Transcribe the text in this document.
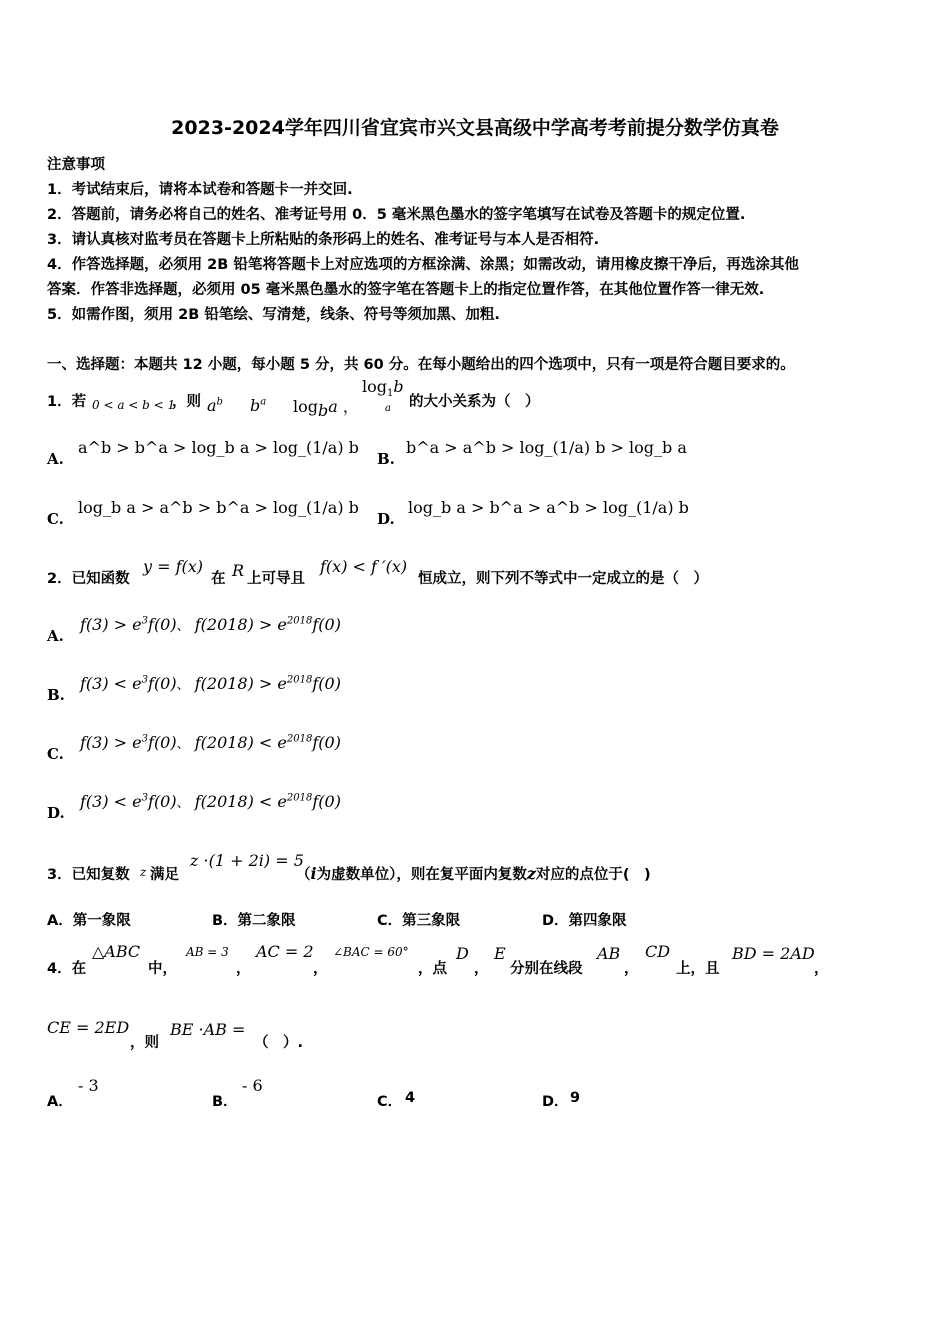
2023-2024学年四川省宜宾市兴文县高级中学高考考前提分数学仿真卷
注意事项
1．考试结束后，请将本试卷和答题卡一并交回.
2．答题前，请务必将自己的姓名、准考证号用 0．5 毫米黑色墨水的签字笔填写在试卷及答题卡的规定位置.
3．请认真核对监考员在答题卡上所粘贴的条形码上的姓名、准考证号与本人是否相符.
4．作答选择题，必须用 2B 铅笔将答题卡上对应选项的方框涂满、涂黑；如需改动，请用橡皮擦干净后，再选涂其他
答案．作答非选择题，必须用 05 毫米黑色墨水的签字笔在答题卡上的指定位置作答，在其他位置作答一律无效.
5．如需作图，须用 2B 铅笔绘、写清楚，线条、符号等须加黑、加粗.
一、选择题：本题共 12 小题，每小题 5 分，共 60 分。在每小题给出的四个选项中，只有一项是符合题目要求的。
1．若 0 < a < b < 1
，则 $a^b$ $b^a$ $\log_ba$ ，
$\log_1b$
a 的大小关系为（　）
A.
a^b > b^a > log_b a > log_(1/a) b
B.
b^a > a^b > log_(1/a) b > log_b a
C.
log_b a > a^b > b^a > log_(1/a) b
D.
log_b a > b^a > a^b > log_(1/a) b
2．已知函数
y = f(x)
在 R 上可导且
f(x) < f ′(x)
恒成立，则下列不等式中一定成立的是（　）
A.
$f(3) > e^3f(0)$、 $f(2018) > e^{2018}f(0)$
B.
$f(3) < e^3f(0)$、 $f(2018) > e^{2018}f(0)$
C.
$f(3) > e^3f(0)$、 $f(2018) < e^{2018}f(0)$
D.
$f(3) < e^3f(0)$、 $f(2018) < e^{2018}f(0)$
3．已知复数 z 满足
z ·(1 + 2i) = 5
（i为虚数单位），则在复平面内复数z对应的点位于(　)
A．第一象限	B．第二象限	C．第三象限	D．第四象限
4．在
△ABC
中，
AB = 3
，
AC = 2
，
∠BAC = 60°
，点
D
，
E
分别在线段
AB
，
CD
上，且
BD = 2AD
，
CE = 2ED
，则
BE ·AB =
（　）.
A．
- 3
B．
- 6
C． 4	D． 9
